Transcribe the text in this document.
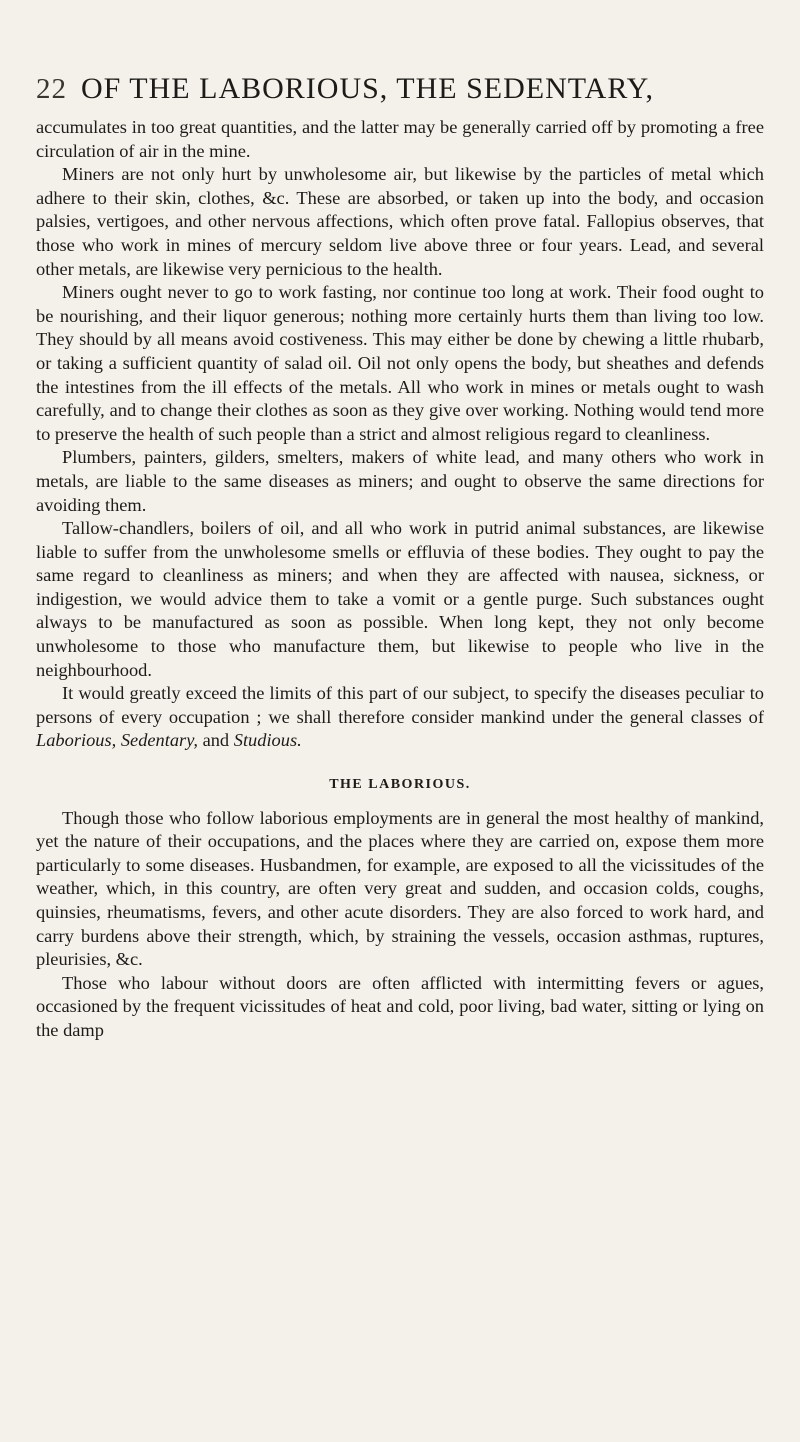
22 OF THE LABORIOUS, THE SEDENTARY,

accumulates in too great quantities, and the latter may be generally carried off by promoting a free circulation of air in the mine.

Miners are not only hurt by unwholesome air, but likewise by the particles of metal which adhere to their skin, clothes, &c. These are absorbed, or taken up into the body, and occasion palsies, vertigoes, and other nervous affections, which often prove fatal. Fallopius observes, that those who work in mines of mercury seldom live above three or four years. Lead, and several other metals, are likewise very pernicious to the health.

Miners ought never to go to work fasting, nor continue too long at work. Their food ought to be nourishing, and their liquor generous; nothing more certainly hurts them than living too low. They should by all means avoid costiveness. This may either be done by chewing a little rhubarb, or taking a sufficient quantity of salad oil. Oil not only opens the body, but sheathes and defends the intestines from the ill effects of the metals. All who work in mines or metals ought to wash carefully, and to change their clothes as soon as they give over working. Nothing would tend more to preserve the health of such people than a strict and almost religious regard to cleanliness.

Plumbers, painters, gilders, smelters, makers of white lead, and many others who work in metals, are liable to the same diseases as miners; and ought to observe the same directions for avoiding them.

Tallow-chandlers, boilers of oil, and all who work in putrid animal substances, are likewise liable to suffer from the unwholesome smells or effluvia of these bodies. They ought to pay the same regard to cleanliness as miners; and when they are affected with nausea, sickness, or indigestion, we would advice them to take a vomit or a gentle purge. Such substances ought always to be manufactured as soon as possible. When long kept, they not only become unwholesome to those who manufacture them, but likewise to people who live in the neighbourhood.

It would greatly exceed the limits of this part of our subject, to specify the diseases peculiar to persons of every occupation ; we shall therefore consider mankind under the general classes of Laborious, Sedentary, and Studious.

THE LABORIOUS.

Though those who follow laborious employments are in general the most healthy of mankind, yet the nature of their occupations, and the places where they are carried on, expose them more particularly to some diseases. Husbandmen, for example, are exposed to all the vicissitudes of the weather, which, in this country, are often very great and sudden, and occasion colds, coughs, quinsies, rheumatisms, fevers, and other acute disorders. They are also forced to work hard, and carry burdens above their strength, which, by straining the vessels, occasion asthmas, ruptures, pleurisies, &c.

Those who labour without doors are often afflicted with intermitting fevers or agues, occasioned by the frequent vicissitudes of heat and cold, poor living, bad water, sitting or lying on the damp
